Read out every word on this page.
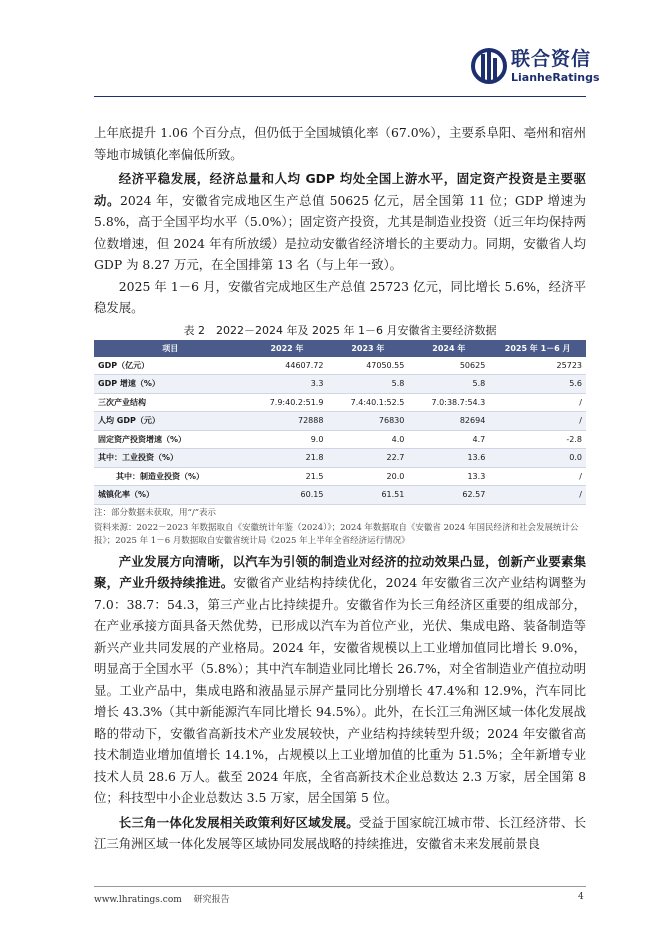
联合资信
LianheRatings

上年底提升 1.06 个百分点，但仍低于全国城镇化率（67.0%），主要系阜阳、亳州和宿州等地市城镇化率偏低所致。

经济平稳发展，经济总量和人均 GDP 均处全国上游水平，固定资产投资是主要驱动。2024 年，安徽省完成地区生产总值 50625 亿元，居全国第 11 位；GDP 增速为 5.8%，高于全国平均水平（5.0%）；固定资产投资，尤其是制造业投资（近三年均保持两位数增速，但 2024 年有所放缓）是拉动安徽省经济增长的主要动力。同期，安徽省人均 GDP 为 8.27 万元，在全国排第 13 名（与上年一致）。

2025 年 1－6 月，安徽省完成地区生产总值 25723 亿元，同比增长 5.6%，经济平稳发展。

表 2　2022－2024 年及 2025 年 1－6 月安徽省主要经济数据
项目	2022 年	2023 年	2024 年	2025 年 1－6 月
GDP（亿元）	44607.72	47050.55	50625	25723
GDP 增速（%）	3.3	5.8	5.8	5.6
三次产业结构	7.9:40.2:51.9	7.4:40.1:52.5	7.0:38.7:54.3	/
人均 GDP（元）	72888	76830	82694	/
固定资产投资增速（%）	9.0	4.0	4.7	-2.8
其中：工业投资（%）	21.8	22.7	13.6	0.0
其中：制造业投资（%）	21.5	20.0	13.3	/
城镇化率（%）	60.15	61.51	62.57	/
注：部分数据未获取，用“/”表示
资料来源：2022－2023 年数据取自《安徽统计年鉴（2024）》；2024 年数据取自《安徽省 2024 年国民经济和社会发展统计公报》；2025 年 1－6 月数据取自安徽省统计局《2025 年上半年全省经济运行情况》

产业发展方向清晰，以汽车为引领的制造业对经济的拉动效果凸显，创新产业要素集聚，产业升级持续推进。安徽省产业结构持续优化，2024 年安徽省三次产业结构调整为 7.0：38.7：54.3，第三产业占比持续提升。安徽省作为长三角经济区重要的组成部分，在产业承接方面具备天然优势，已形成以汽车为首位产业，光伏、集成电路、装备制造等新兴产业共同发展的产业格局。2024 年，安徽省规模以上工业增加值同比增长 9.0%，明显高于全国水平（5.8%）；其中汽车制造业同比增长 26.7%，对全省制造业产值拉动明显。工业产品中，集成电路和液晶显示屏产量同比分别增长 47.4%和 12.9%，汽车同比增长 43.3%（其中新能源汽车同比增长 94.5%）。此外，在长江三角洲区域一体化发展战略的带动下，安徽省高新技术产业发展较快，产业结构持续转型升级；2024 年安徽省高技术制造业增加值增长 14.1%，占规模以上工业增加值的比重为 51.5%；全年新增专业技术人员 28.6 万人。截至 2024 年底，全省高新技术企业总数达 2.3 万家，居全国第 8 位；科技型中小企业总数达 3.5 万家，居全国第 5 位。

长三角一体化发展相关政策利好区域发展。受益于国家皖江城市带、长江经济带、长江三角洲区域一体化发展等区域协同发展战略的持续推进，安徽省未来发展前景良

www.lhratings.com　 研究报告	4
